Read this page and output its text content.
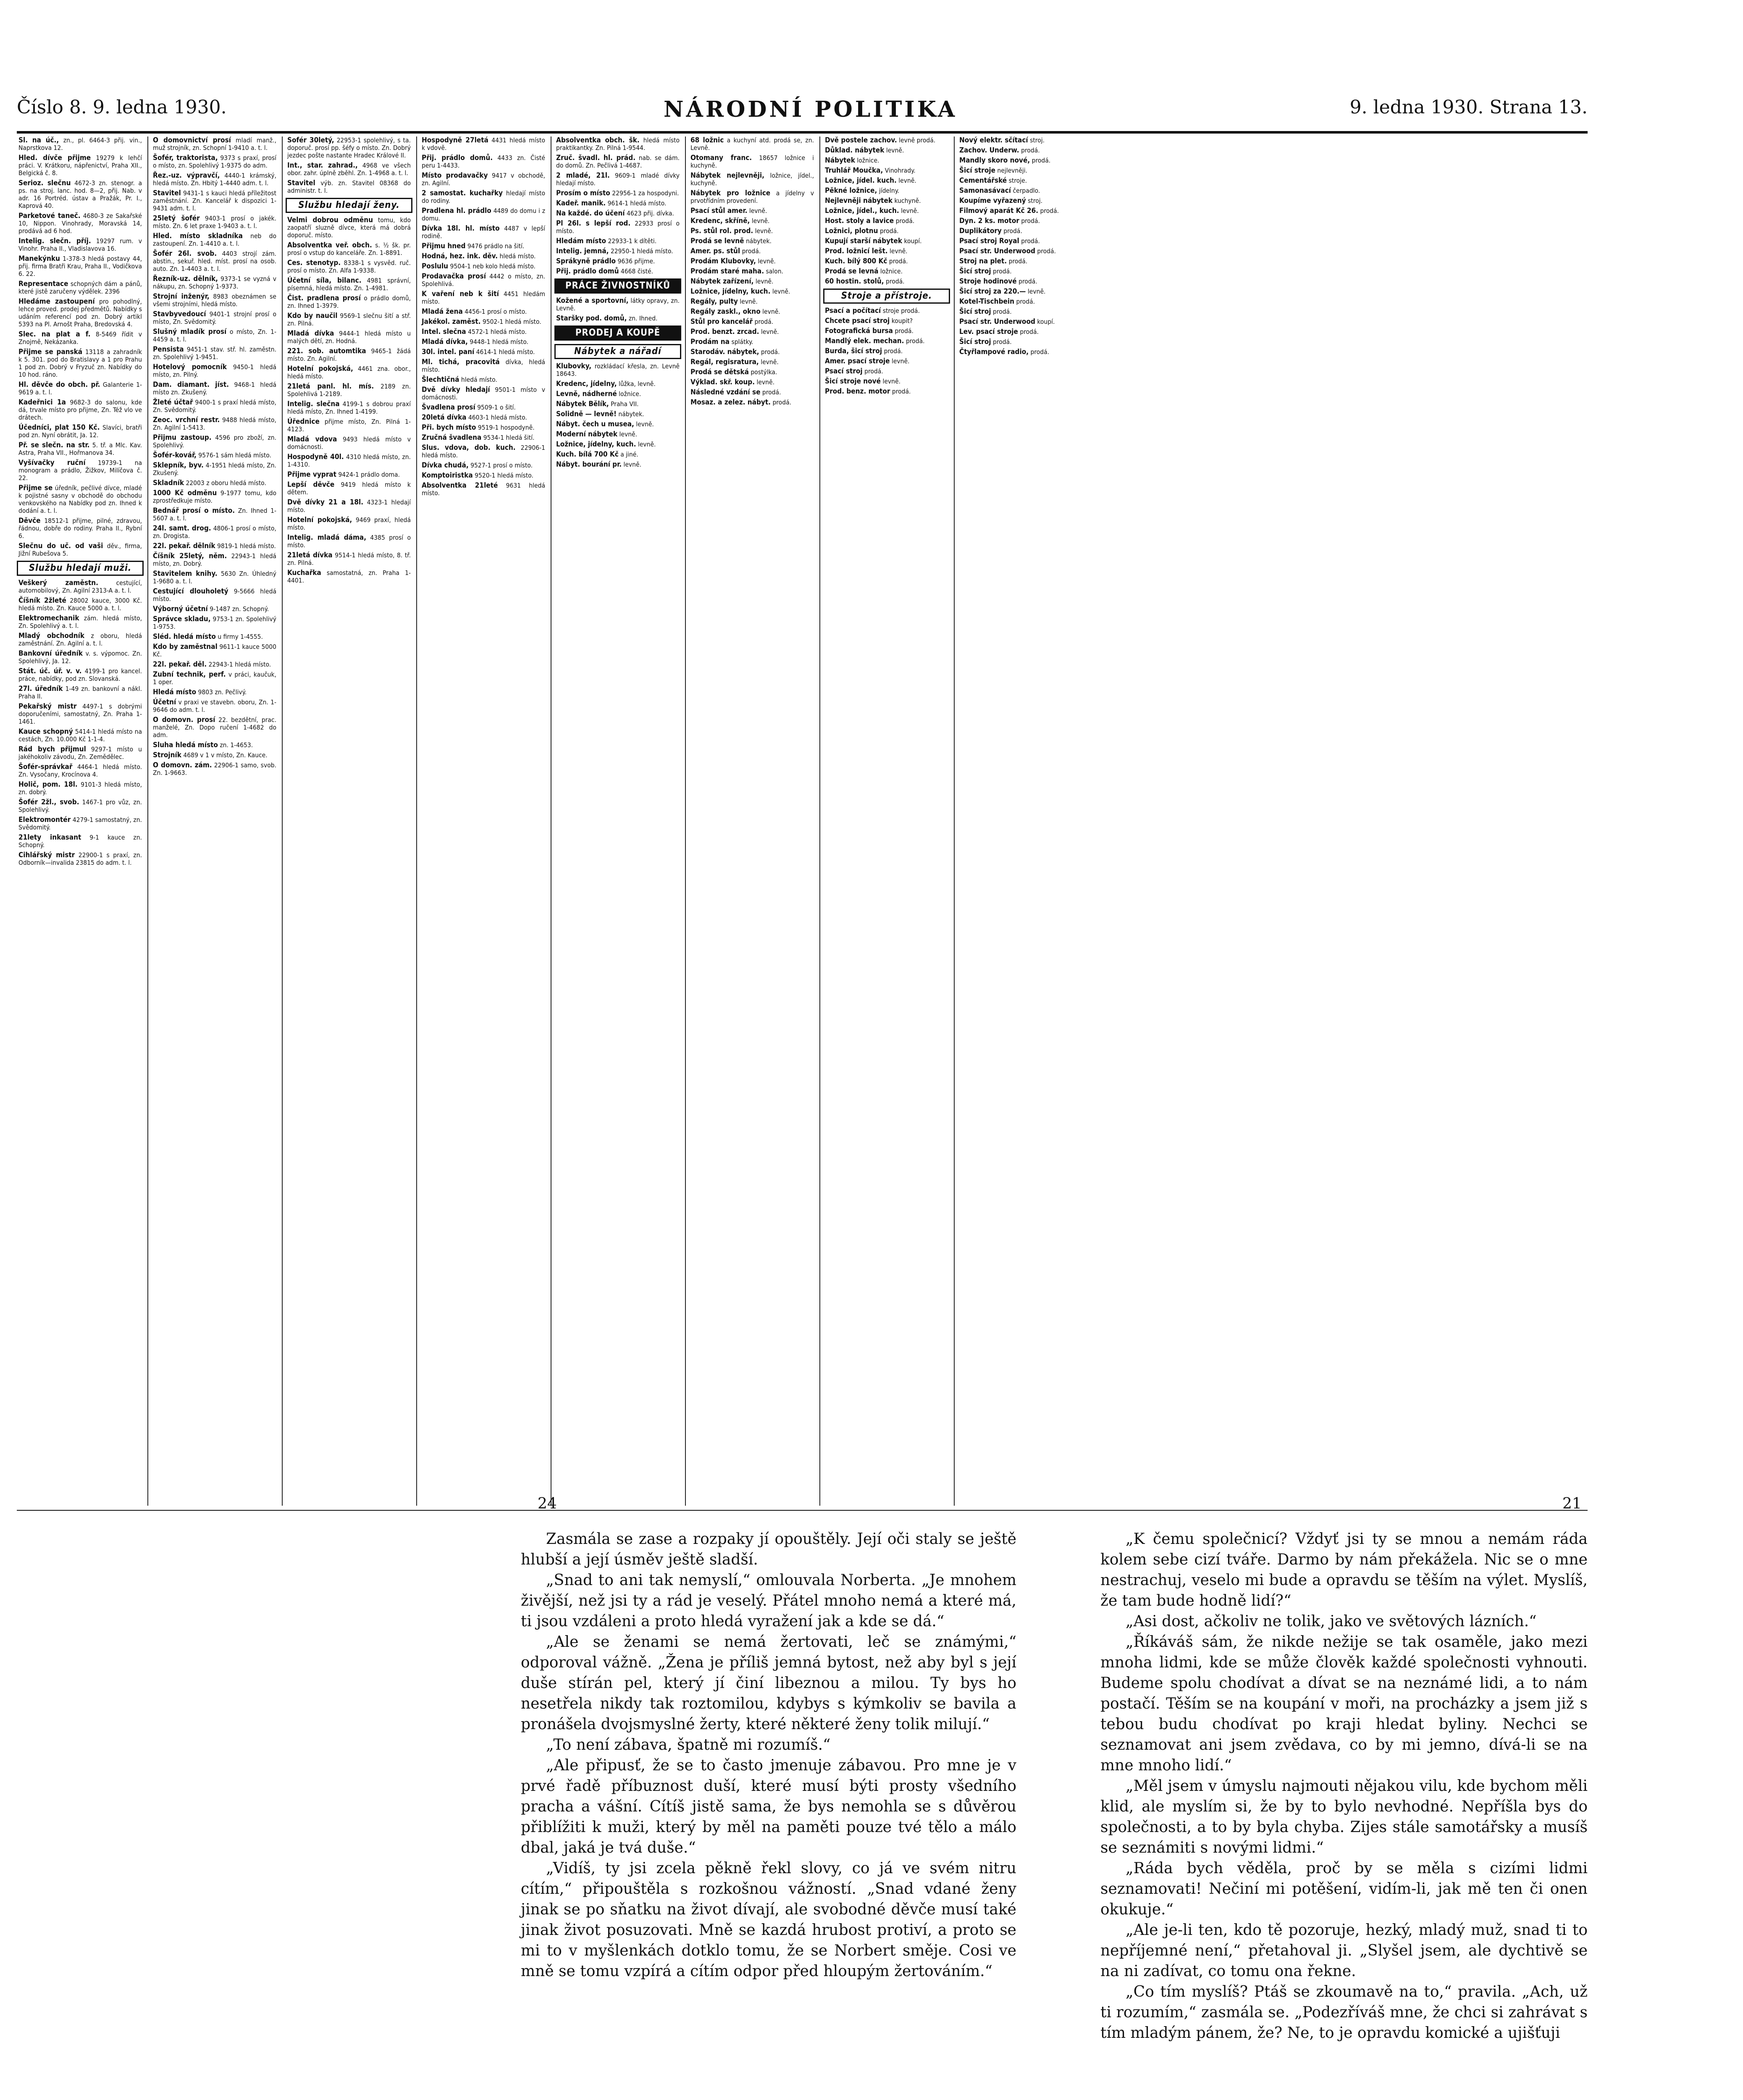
Číslo 8. 9. ledna 1930.	NÁRODNÍ POLITIKA	9. ledna 1930. Strana 13.
Sl. na úč., zn., pl. 6464-3 přij. vin., Naprstkova 12.
Hled. dívče přijme 19279 k lehčí práci. V. Krátkoru, nápřenictví, Praha XII., Belgická č. 8.
Serioz. slečnu 4672-3 zn. stenogr. a ps. na stroj. lanc. hod. 8—2, přij. Nab. v adr. 16 Portréd. ústav a Pražák, Pr. I., Kaprová 40.
Parketové taneč. 4680-3 ze Sakařské 10, Nippon. Vinohrady, Moravská 14, prodává ad 6 hod.
Intelig. slečn. příj. 19297 rum. v Vinohr. Praha II., Vladislavova 16.
Manekýnku 1-378-3 hledá postavy 44, přij. firma Bratři Krau, Praha II., Vodičkova 6. 22.
Representace schopných dám a pánů, které jistě zaručeny výdělek. 2396
Hledáme zastoupení pro pohodlný, lehce proved. prodej předmětů. Nabídky s udáním referencí pod zn. Dobrý artikl 5393 na Pl. Arnošt Praha, Bredovská 4.
Slec. na plat a f. 8-5469 řídit v Znojmě, Nekázanka.
Přijme se panská 13118 a zahradník k 5. 301. pod do Bratislavy a 1 pro Prahu 1 pod zn. Dobrý v Fryzuč zn. Nabídky do 10 hod. ráno.
Hl. děvče do obch. př. Galanterie 1-9619 a. t. l.
Kadeřnici 1a 9682-3 do salonu, kde dá, trvale místo pro přijme, Zn. Též vlo ve drátech.
Účedníci, plat 150 Kč. Slavíci, bratři pod zn. Nyní obrátit, Ja. 12.
Př. se slečn. na str. 5. tř. a Mlc. Kav. Astra, Praha VII., Hořmanova 34.
Vyšívačky ruční 19739-1 na monogram a prádlo, Žižkov, Milíčova č. 22.
Přijme se úředník, pečlivé dívce, mladé k pojistné sasny v obchodě do obchodu venkovského na Nabídky pod zn. Ihned k dodání a. t. l.
Děvče 18512-1 přijme, pilné, zdravou, řádnou, dobře do rodiny. Praha II., Rybní 6.
Slečnu do uč. od vaši děv., firma, Jižní Rubešova 5.
Službu hledají muži.
Veškerý zaměstn.	cestující, automobilový, Zn. Agilní 2313-A a. t. l.
Číšník 2žleté 28002 kauce, 3000 Kč. hledá místo. Zn. Kauce 5000 a. t. l.
Elektromechanik zám. hledá místo, Zn. Spolehlivý a. t. l.
Mladý obchodník z oboru, hledá zaměstnání. Zn. Agilní a. t. l.
Bankovní úředník v. s. výpomoc. Zn. Spolehlivý, Ja. 12.
Stát. úč. úř. v. v. 4199-1 pro kancel. práce, nabídky, pod zn. Slovanská.
27l. úředník 1-49 zn. bankovní a nákl. Praha II.
Pekařský mistr 4497-1 s dobrými doporučeními, samostatný, Zn. Praha 1-1461.
Kauce schopný 5414-1 hledá místo na cestách, Zn. 10.000 Kč 1-1-4.
Rád bych přijmul 9297-1 místo u jakéhokoliv závodu, Zn. Zemědělec.
Šofér-správkař 4464-1 hledá místo. Zn. Vysočany, Krocínova 4.
Holič, pom. 18l. 9101-3 hledá místo, zn. dobrý.
Šofér 2žl., svob. 1467-1 pro vůz, zn. Spolehlivý.
Elektromontér 4279-1 samostatný, zn. Svědomitý.
21lety inkasant 9-1 kauce zn. Schopný.
Cihlářský mistr 22900-1 s praxí, zn. Odborník—invalida 23815 do adm. t. l.
O domovnictví prosí mladí manž., muž strojník, zn. Schopní 1-9410 a. t. l.
Šofér, traktorista, 9373 s praxí, prosí o místo, zn. Spolehlivý 1-9375 do adm.
Řez.-uz. výpravčí, 4440-1 krámský, hledá místo. Zn. Hbitý 1-4440 adm. t. l.
Stavitel 9431-1 s kauci hledá příležitost zaměstnání. Zn. Kancelář k dispozici 1-9431 adm. t. l.
25letý šofér 9403-1 prosí o jakék. místo. Zn. 6 let praxe 1-9403 a. t. l.
Hled. místo skladníka neb do zastoupení. Zn. 1-4410 a. t. l.
Šofér 26l. svob. 4403 strojí zám. abstin., sekuř. hled. míst. prosí na osob. auto. Zn. 1-4403 a. t. l.
Řezník-uz. dělník, 9373-1 se vyzná v nákupu, zn. Schopný 1-9373.
Strojní inženýr, 8983 obeznámen se všemi strojními, hledá místo.
Stavbyvedoucí 9401-1 strojní prosí o místo, Zn. Svědomitý.
Slušný mladík prosí o místo, Zn. 1-4459 a. t. l.
Pensista 9451-1 stav. stř. hl. zaměstn. zn. Spolehlivý 1-9451.
Hotelový pomocník 9450-1 hledá místo, zn. Pilný.
Dam. diamant. jíst. 9468-1 hledá místo zn. Zkušený.
Žleté účtař 9400-1 s praxí hledá místo, Zn. Svědomitý.
Zeoc. vrchní restr. 9488 hledá místo, Zn. Agilní 1-5413.
Přijmu zastoup. 4596 pro zboží, zn. Spolehlivý.
Šofér-kovář, 9576-1 sám hledá místo.
Sklepník, byv. 4-1951 hledá místo, Zn. Zkušený.
Skladník 22003 z oboru hledá místo.
1000 Kč odměnu 9-1977 tomu, kdo zprostředkuje místo.
Bednář prosí o místo. Zn. Ihned 1-5607 a. t. l.
24l. samt. drog. 4806-1 prosí o místo, zn. Drogista.
22l. pekař. dělník 9819-1 hledá místo.
Číšník 25letý, něm. 22943-1 hledá místo, zn. Dobrý.
Stavitelem knihy. 5630 Zn. Úhledný 1-9680 a. t. l.
Cestující dlouholetý 9-5666 hledá místo.
Výborný účetní 9-1487 zn. Schopný.
Správce skladu, 9753-1 zn. Spolehlivý 1-9753.
Sléd. hledá místo u firmy 1-4555.
Kdo by zaměstnal 9611-1 kauce 5000 Kč.
22l. pekař. děl. 22943-1 hledá místo.
Zubní technik, perf. v práci, kaučuk, 1 oper.
Hledá místo 9803 zn. Pečlivý.
Účetní v praxi ve stavebn. oboru, Zn. 1-9646 do adm. t. l.
O domovn. prosí 22. bezdětní, prac. manželé, Zn. Dopo ručení 1-4682 do adm.
Sluha hledá místo zn. 1-4653.
Strojník 4689 v 1 v místo, Zn. Kauce.
O domovn. zám. 22906-1 samo, svob. Zn. 1-9663.
Šofér 30letý, 22953-1 spolehlivý, s ta. doporuč. prosí pp. šéfy o místo. Zn. Dobrý jezdec pošte nastante Hradec Králové II.
Int., star. zahrad., 4968 ve všech obor. zahr. úplně zběhl. Zn. 1-4968 a. t. l.
Stavitel výb. zn. Stavitel 08368 do administr. t. l.
Službu hledají ženy.
Velmi dobrou odměnu tomu, kdo zaopatří sluzně dívce, která má dobrá doporuč. místo.
Absolventka veř. obch. s. ½ šk. pr. prosí o vstup do kanceláře. Zn. 1-8891.
Ces. stenotyp. 8338-1 s vysvěd. ruč. prosí o místo. Zn. Alfa 1-9338.
Účetní síla, bilanc. 4981 správní, písemná, hledá místo. Zn. 1-4981.
Čist. pradlena prosí o prádlo domů, zn. Ihned 1-3979.
Kdo by naučil 9569-1 slečnu šití a stř. zn. Pilná.
Mladá dívka 9444-1 hledá místo u malých dětí, zn. Hodná.
221. sob. automtika 9465-1 žádá místo. Zn. Agilní.
Hotelní pokojská, 4461 zna. obor., hledá místo.
21letá panl. hl. mís. 2189 zn. Spolehlivá 1-2189.
Intelig. slečna 4199-1 s dobrou praxí hledá místo, Zn. Ihned 1-4199.
Úřednice přijme místo, Zn. Pilná 1-4123.
Mladá vdova 9493 hledá místo v domácnosti.
Hospodyně 40l. 4310 hledá místo, zn. 1-4310.
Přijme vyprat 9424-1 prádlo doma.
Lepší děvče 9419 hledá místo k dětem.
Dvě dívky 21 a 18l. 4323-1 hledají místo.
Hotelní pokojská, 9469 praxí, hledá místo.
Intelig. mladá dáma, 4385 prosí o místo.
21letá dívka 9514-1 hledá místo, 8. tř. zn. Pilná.
Kuchařka samostatná, zn. Praha 1-4401.
Hospodyně 27letá 4431 hledá místo k vdově.
Přij. prádlo domů. 4433 zn. Čisté peru 1-4433.
Místo prodavačky 9417 v obchodě, zn. Agilní.
2 samostat. kuchařky hledají místo do rodiny.
Pradlena hl. prádlo 4489 do domu i z domu.
Dívka 18l. hl. místo 4487 v lepší rodině.
Přijmu hned 9476 prádlo na šití.
Hodná, hez. ink. děv. hledá místo.
Poslulu 9504-1 neb kolo hledá místo.
Prodavačka prosí 4442 o místo, zn. Spolehlivá.
K vaření neb k šití 4451 hledám místo.
Mladá žena 4456-1 prosí o místo.
Jakékol. zaměst. 9502-1 hledá místo.
Intel. slečna 4572-1 hledá místo.
Mladá dívka, 9448-1 hledá místo.
30l. intel. paní 4614-1 hledá místo.
Ml. tichá, pracovitá dívka, hledá místo.
Šlechtičná hledá místo.
Dvě dívky hledají 9501-1 místo v domácnosti.
Švadlena prosí 9509-1 o šití.
20letá dívka 4603-1 hledá místo.
Při. bych místo 9519-1 hospodyně.
Zručná švadlena 9534-1 hledá šití.
Slus. vdova, dob. kuch. 22906-1 hledá místo.
Dívka chudá, 9527-1 prosí o místo.
Komptoiristka 9520-1 hledá místo.
Absolventka 21leté 9631 hledá místo.
Absolventka obch. šk. hledá místo praktikantky. Zn. Pilná 1-9544.
Zruč. švadl. hl. prád. nab. se dám. do domů. Zn. Pečlivá 1-4687.
2 mladé, 21l. 9609-1 mladé dívky hledají místo.
Prosím o místo 22956-1 za hospodyni.
Kadeř. manik. 9614-1 hledá místo.
Na každé. do účení 4623 přij. dívka.
Pl 26l. s lepší rod. 22933 prosí o místo.
Hledám místo 22933-1 k dítěti.
Intelig. jemná, 22950-1 hledá místo.
Sprákyně prádlo 9636 přijme.
Přij. prádlo domů 4668 čisté.
PRÁCE ŽIVNOSTNÍKŮ
Kožené a sportovní, látky opravy, zn. Levně.
Staršky pod. domů, zn. Ihned.
PRODEJ A KOUPĚ
Nábytek a nářadí
Klubovky, rozkládací křesla, zn. Levně 18643.
Kredenc, jídelny, lůžka, levně.
Levně, nádherné ložnice.
Nábytek Bělík, Praha VII.
Solidně — levně! nábytek.
Nábyt. čech u musea, levně.
Moderní nábytek levně.
Ložnice, jídelny, kuch. levně.
Kuch. bílá 700 Kč a jiné.
Nábyt. bourání pr. levně.
68 ložnic a kuchyní atd. prodá se, zn. Levně.
Otomany franc. 18657 ložnice i kuchyně.
Nábytek nejlevněji, ložnice, jídel., kuchyně.
Nábytek pro ložnice a jídelny v prvotřídním provedení.
Psací stůl amer. levně.
Kredenc, skříně, levně.
Ps. stůl rol. prod. levně.
Prodá se levně nábytek.
Amer. ps. stůl prodá.
Prodám Klubovky, levně.
Prodám staré maha. salon.
Nábytek zařízení, levně.
Ložnice, jídelny, kuch. levně.
Regály, pulty levně.
Regály zaskl., okno levně.
Stůl pro kancelář prodá.
Prod. benzt. zrcad. levně.
Prodám na splátky.
Starodáv. nábytek, prodá.
Regál, regisratura, levně.
Prodá se dětská postýlka.
Výklad. skř. koup. levně.
Následné vzdání se prodá.
Mosaz. a zelez. nábyt. prodá.
Dvě postele zachov. levně prodá.
Důklad. nábytek levně.
Nábytek ložnice.
Truhlář Moučka, Vinohrady.
Ložnice, jídel. kuch. levně.
Pěkné ložnice, jídelny.
Nejlevněji nábytek kuchyně.
Ložnice, jídel., kuch. levně.
Host. stoly a lavice prodá.
Ložnici, plotnu prodá.
Kupují starší nábytek koupí.
Prod. ložnicí lešt. levně.
Kuch. bílý 800 Kč prodá.
Prodá se levná ložnice.
60 hostin. stolů, prodá.
Stroje a přístroje.
Psací a počítací stroje prodá.
Chcete psací stroj koupit?
Fotografická bursa prodá.
Mandlý elek. mechan. prodá.
Burda, šicí stroj prodá.
Amer. psací stroje levně.
Psací stroj prodá.
Šicí stroje nové levně.
Prod. benz. motor prodá.
Nový elektr. sčítací stroj.
Zachov. Underw. prodá.
Mandly skoro nové, prodá.
Šicí stroje nejlevněji.
Cementářské stroje.
Samonasávací čerpadlo.
Koupíme vyřazený stroj.
Filmový aparát Kč 26. prodá.
Dyn. 2 ks. motor prodá.
Duplikátory prodá.
Psací stroj Royal prodá.
Psací str. Underwood prodá.
Stroj na plet. prodá.
Šicí stroj prodá.
Stroje hodinové prodá.
Šicí stroj za 220.— levně.
Kotel-Tischbein prodá.
Šicí stroj prodá.
Psací str. Underwood koupí.
Lev. psací stroje prodá.
Šicí stroj prodá.
Čtyřlampové radio, prodá.
24	21

Zasmála se zase a rozpaky jí opouštěly. Její oči staly se ještě hlubší a její úsměv ještě sladší.

„Snad to ani tak nemyslí,“ omlouvala Norberta. „Je mnohem živější, než jsi ty a rád je veselý. Přátel mnoho nemá a které má, ti jsou vzdáleni a proto hledá vyražení jak a kde se dá.“

„Ale se ženami se nemá žertovati, leč se známými,“ odporoval vážně. „Žena je příliš jemná bytost, než aby byl s její duše stírán pel, který jí činí libeznou a milou. Ty bys ho nesetřela nikdy tak roztomilou, kdybys s kýmkoliv se bavila a pronášela dvojsmyslné žerty, které některé ženy tolik milují.“

„To není zábava, špatně mi rozumíš.“

„Ale připusť, že se to často jmenuje zábavou. Pro mne je v prvé řadě příbuznost duší, které musí býti prosty všedního pracha a vášní. Cítíš jistě sama, že bys nemohla se s důvěrou přiblížiti k muži, který by měl na paměti pouze tvé tělo a málo dbal, jaká je tvá duše.“

„Vidíš, ty jsi zcela pěkně řekl slovy, co já ve svém nitru cítím,“ připouštěla s rozkošnou vážností. „Snad vdané ženy jinak se po sňatku na život dívají, ale svobodné děvče musí také jinak život posuzovati. Mně se kazdá hrubost protiví, a proto se mi to v myšlenkách dotklo tomu, že se Norbert směje. Cosi ve mně se tomu vzpírá a cítím odpor před hloupým žertováním.“

„K čemu společnicí? Vždyť jsi ty se mnou a nemám ráda kolem sebe cizí tváře. Darmo by nám překážela. Nic se o mne nestrachuj, veselo mi bude a opravdu se těším na výlet. Myslíš, že tam bude hodně lidí?“

„Asi dost, ačkoliv ne tolik, jako ve světových lázních.“

„Říkáváš sám, že nikde nežije se tak osaměle, jako mezi mnoha lidmi, kde se může člověk každé společnosti vyhnouti. Budeme spolu chodívat a dívat se na neznámé lidi, a to nám postačí. Těším se na koupání v moři, na procházky a jsem již s tebou budu chodívat po kraji hledat byliny. Nechci se seznamovat ani jsem zvědava, co by mi jemno, dívá-li se na mne mnoho lidí.“

„Měl jsem v úmyslu najmouti nějakou vilu, kde bychom měli klid, ale myslím si, že by to bylo nevhodné. Nepříšla bys do společnosti, a to by byla chyba. Zijes stále samotářsky a musíš se seznámiti s novými lidmi.“

„Ráda bych věděla, proč by se měla s cizími lidmi seznamovati! Nečiní mi potěšení, vidím-li, jak mě ten či onen okukuje.“

„Ale je-li ten, kdo tě pozoruje, hezký, mladý muž, snad ti to nepříjemné není,“ přetahoval ji. „Slyšel jsem, ale dychtivě se na ni zadívat, co tomu ona řekne.

„Co tím myslíš? Ptáš se zkoumavě na to,“ pravila. „Ach, už ti rozumím,“ zasmála se. „Podezříváš mne, že chci si zahrávat s tím mladým pánem, že? Ne, to je opravdu komické a ujišťuji
